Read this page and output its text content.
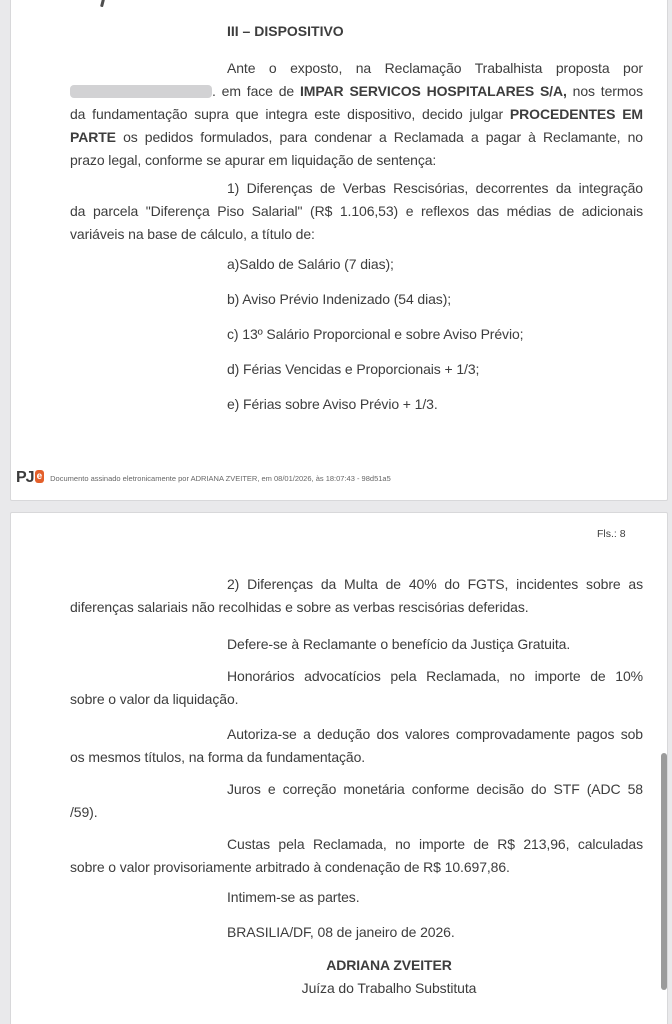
III – DISPOSITIVO
Ante o exposto, na Reclamação Trabalhista proposta por
. em face de IMPAR SERVICOS HOSPITALARES S/A, nos termos
da fundamentação supra que integra este dispositivo, decido julgar PROCEDENTES EM
PARTE os pedidos formulados, para condenar a Reclamada a pagar à Reclamante, no
prazo legal, conforme se apurar em liquidação de sentença:
1) Diferenças de Verbas Rescisórias, decorrentes da integração
da parcela "Diferença Piso Salarial" (R$ 1.106,53) e reflexos das médias de adicionais
variáveis na base de cálculo, a título de:
a)Saldo de Salário (7 dias);
b) Aviso Prévio Indenizado (54 dias);
c) 13º Salário Proporcional e sobre Aviso Prévio;
d) Férias Vencidas e Proporcionais + 1/3;
e) Férias sobre Aviso Prévio + 1/3.
PJ e Documento assinado eletronicamente por ADRIANA ZVEITER, em 08/01/2026, às 18:07:43 - 98d51a5
Fls.: 8
2) Diferenças da Multa de 40% do FGTS, incidentes sobre as
diferenças salariais não recolhidas e sobre as verbas rescisórias deferidas.
Defere-se à Reclamante o benefício da Justiça Gratuita.
Honorários advocatícios pela Reclamada, no importe de 10%
sobre o valor da liquidação.
Autoriza-se a dedução dos valores comprovadamente pagos sob
os mesmos títulos, na forma da fundamentação.
Juros e correção monetária conforme decisão do STF (ADC 58
/59).
Custas pela Reclamada, no importe de R$ 213,96, calculadas
sobre o valor provisoriamente arbitrado à condenação de R$ 10.697,86.
Intimem-se as partes.
BRASILIA/DF, 08 de janeiro de 2026.
ADRIANA ZVEITER
Juíza do Trabalho Substituta
